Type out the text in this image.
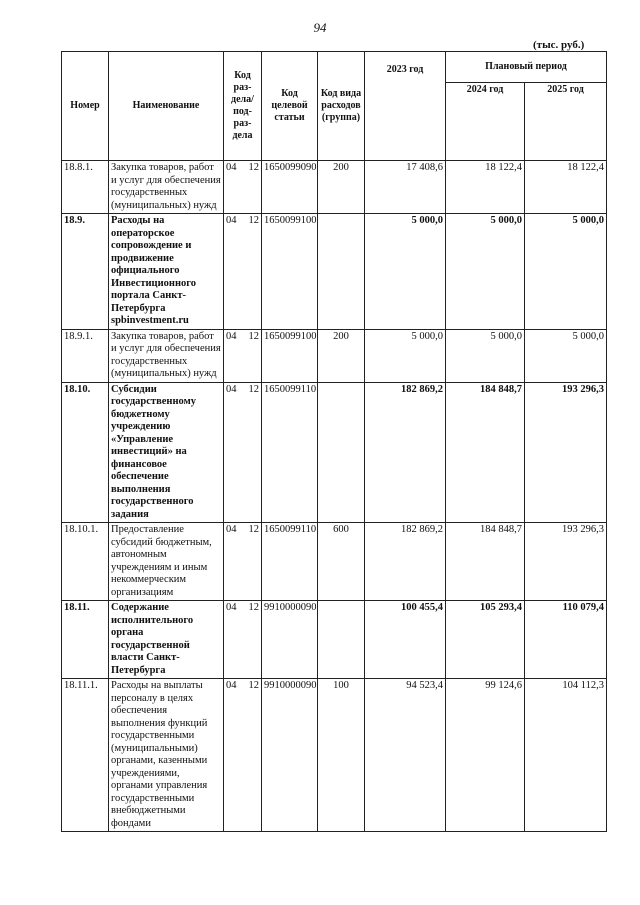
94
(тыс. руб.)
Номер	Наименование	Код раз-дела/ под-раз-дела	Код целевой статьи	Код вида расходов (группа)	2023 год	Плановый период	
						2024 год	2025 год
18.8.1.	Закупка товаров, работ и услуг для обеспечения государственных (муниципальных) нужд	04 12	1650099090	200	17 408,6	18 122,4	18 122,4
18.9.	Расходы на операторское сопровождение и продвижение официального Инвестиционного портала Санкт-Петербурга spbinvestment.ru	04 12	1650099100		5 000,0	5 000,0	5 000,0
18.9.1.	Закупка товаров, работ и услуг для обеспечения государственных (муниципальных) нужд	04 12	1650099100	200	5 000,0	5 000,0	5 000,0
18.10.	Субсидии государственному бюджетному учреждению «Управление инвестиций» на финансовое обеспечение выполнения государственного задания	04 12	1650099110		182 869,2	184 848,7	193 296,3
18.10.1.	Предоставление субсидий бюджетным, автономным учреждениям и иным некоммерческим организациям	04 12	1650099110	600	182 869,2	184 848,7	193 296,3
18.11.	Содержание исполнительного органа государственной власти Санкт-Петербурга	04 12	9910000090		100 455,4	105 293,4	110 079,4
18.11.1.	Расходы на выплаты персоналу в целях обеспечения выполнения функций государственными (муниципальными) органами, казенными учреждениями, органами управления государственными внебюджетными фондами	04 12	9910000090	100	94 523,4	99 124,6	104 112,3
